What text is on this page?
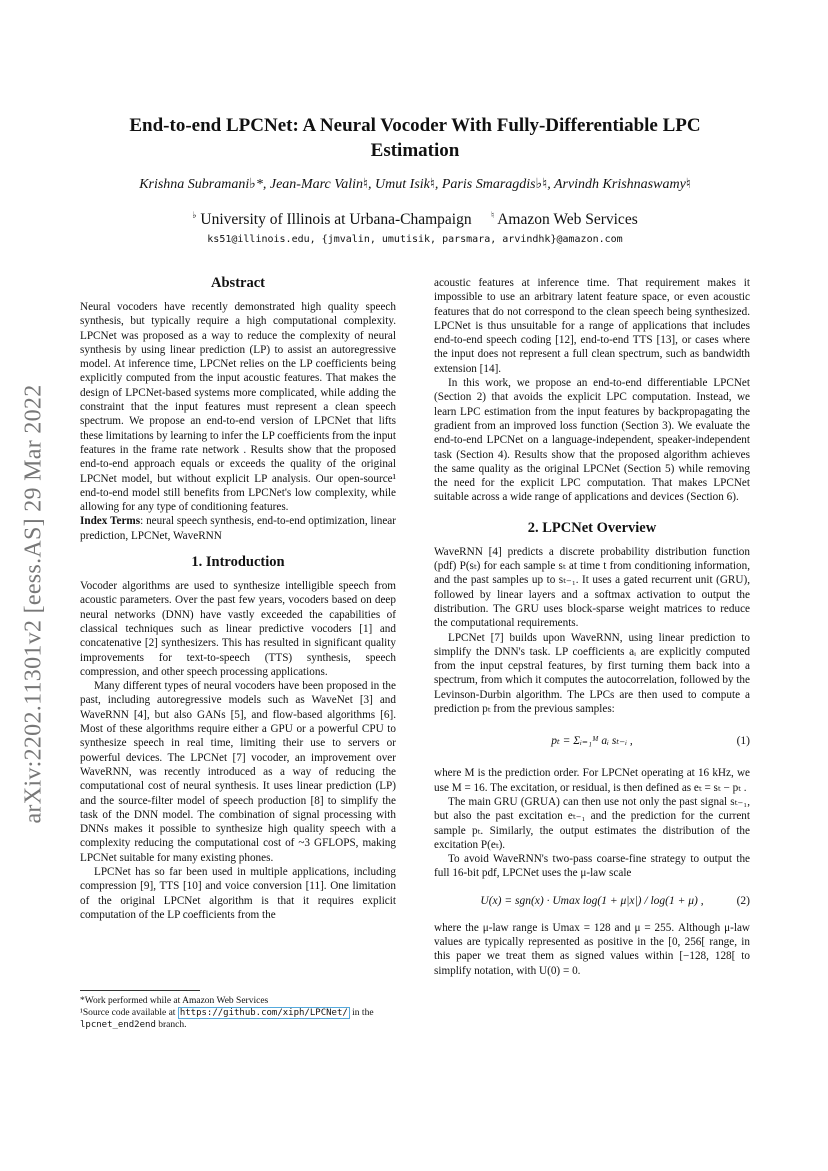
arXiv:2202.11301v2 [eess.AS] 29 Mar 2022
End-to-end LPCNet: A Neural Vocoder With Fully-Differentiable LPC
Estimation
Krishna Subramani♭*, Jean-Marc Valin♮, Umut Isik♮, Paris Smaragdis♭♮, Arvindh Krishnaswamy♮
♭ University of Illinois at Urbana-Champaign ♮ Amazon Web Services
ks51@illinois.edu, {jmvalin, umutisik, parsmara, arvindhk}@amazon.com
Abstract

Neural vocoders have recently demonstrated high quality speech synthesis, but typically require a high computational complexity. LPCNet was proposed as a way to reduce the complexity of neural synthesis by using linear prediction (LP) to assist an autoregressive model. At inference time, LPCNet relies on the LP coefficients being explicitly computed from the input acoustic features. That makes the design of LPCNet-based systems more complicated, while adding the constraint that the input features must represent a clean speech spectrum. We propose an end-to-end version of LPCNet that lifts these limitations by learning to infer the LP coefficients from the input features in the frame rate network . Results show that the proposed end-to-end approach equals or exceeds the quality of the original LPCNet model, but without explicit LP analysis. Our open-source¹ end-to-end model still benefits from LPCNet's low complexity, while allowing for any type of conditioning features.

Index Terms: neural speech synthesis, end-to-end optimization, linear prediction, LPCNet, WaveRNN

1. Introduction

Vocoder algorithms are used to synthesize intelligible speech from acoustic parameters. Over the past few years, vocoders based on deep neural networks (DNN) have vastly exceeded the capabilities of classical techniques such as linear predictive vocoders [1] and concatenative [2] synthesizers. This has resulted in significant quality improvements for text-to-speech (TTS) synthesis, speech compression, and other speech processing applications.

Many different types of neural vocoders have been proposed in the past, including autoregressive models such as WaveNet [3] and WaveRNN [4], but also GANs [5], and flow-based algorithms [6]. Most of these algorithms require either a GPU or a powerful CPU to synthesize speech in real time, limiting their use to servers or powerful devices. The LPCNet [7] vocoder, an improvement over WaveRNN, was recently introduced as a way of reducing the computational cost of neural synthesis. It uses linear prediction (LP) and the source-filter model of speech production [8] to simplify the task of the DNN model. The combination of signal processing with DNNs makes it possible to synthesize high quality speech with a complexity reducing the computational cost of ~3 GFLOPS, making LPCNet suitable for many existing phones.

LPCNet has so far been used in multiple applications, including compression [9], TTS [10] and voice conversion [11]. One limitation of the original LPCNet algorithm is that it requires explicit computation of the LP coefficients from the

*Work performed while at Amazon Web Services
¹Source code available at https://github.com/xiph/LPCNet/ in the lpcnet_end2end branch.

acoustic features at inference time. That requirement makes it impossible to use an arbitrary latent feature space, or even acoustic features that do not correspond to the clean speech being synthesized. LPCNet is thus unsuitable for a range of applications that includes end-to-end speech coding [12], end-to-end TTS [13], or cases where the input does not represent a full clean spectrum, such as bandwidth extension [14].

In this work, we propose an end-to-end differentiable LPCNet (Section 2) that avoids the explicit LPC computation. Instead, we learn LPC estimation from the input features by backpropagating the gradient from an improved loss function (Section 3). We evaluate the end-to-end LPCNet on a language-independent, speaker-independent task (Section 4). Results show that the proposed algorithm achieves the same quality as the original LPCNet (Section 5) while removing the need for the explicit LPC computation. That makes LPCNet suitable across a wide range of applications and devices (Section 6).

2. LPCNet Overview

WaveRNN [4] predicts a discrete probability distribution function (pdf) P(sₜ) for each sample sₜ at time t from conditioning information, and the past samples up to sₜ₋₁. It uses a gated recurrent unit (GRU), followed by linear layers and a softmax activation to output the distribution. The GRU uses block-sparse weight matrices to reduce the computational requirements.

LPCNet [7] builds upon WaveRNN, using linear prediction to simplify the DNN's task. LP coefficients aᵢ are explicitly computed from the input cepstral features, by first turning them back into a spectrum, from which it computes the autocorrelation, followed by the Levinson-Durbin algorithm. The LPCs are then used to compute a prediction pₜ from the previous samples:

pₜ = Σᵢ₌₁ᴹ aᵢ sₜ₋ᵢ ,	(1)

where M is the prediction order. For LPCNet operating at 16 kHz, we use M = 16. The excitation, or residual, is then defined as eₜ = sₜ − pₜ .

The main GRU (GRUA) can then use not only the past signal sₜ₋₁, but also the past excitation eₜ₋₁ and the prediction for the current sample pₜ. Similarly, the output estimates the distribution of the excitation P(eₜ).

To avoid WaveRNN's two-pass coarse-fine strategy to output the full 16-bit pdf, LPCNet uses the μ-law scale

U(x) = sgn(x) · Umax log(1 + μ|x|) / log(1 + μ) ,	(2)

where the μ-law range is Umax = 128 and μ = 255. Although μ-law values are typically represented as positive in the [0, 256[ range, in this paper we treat them as signed values within [−128, 128[ to simplify notation, with U(0) = 0.
